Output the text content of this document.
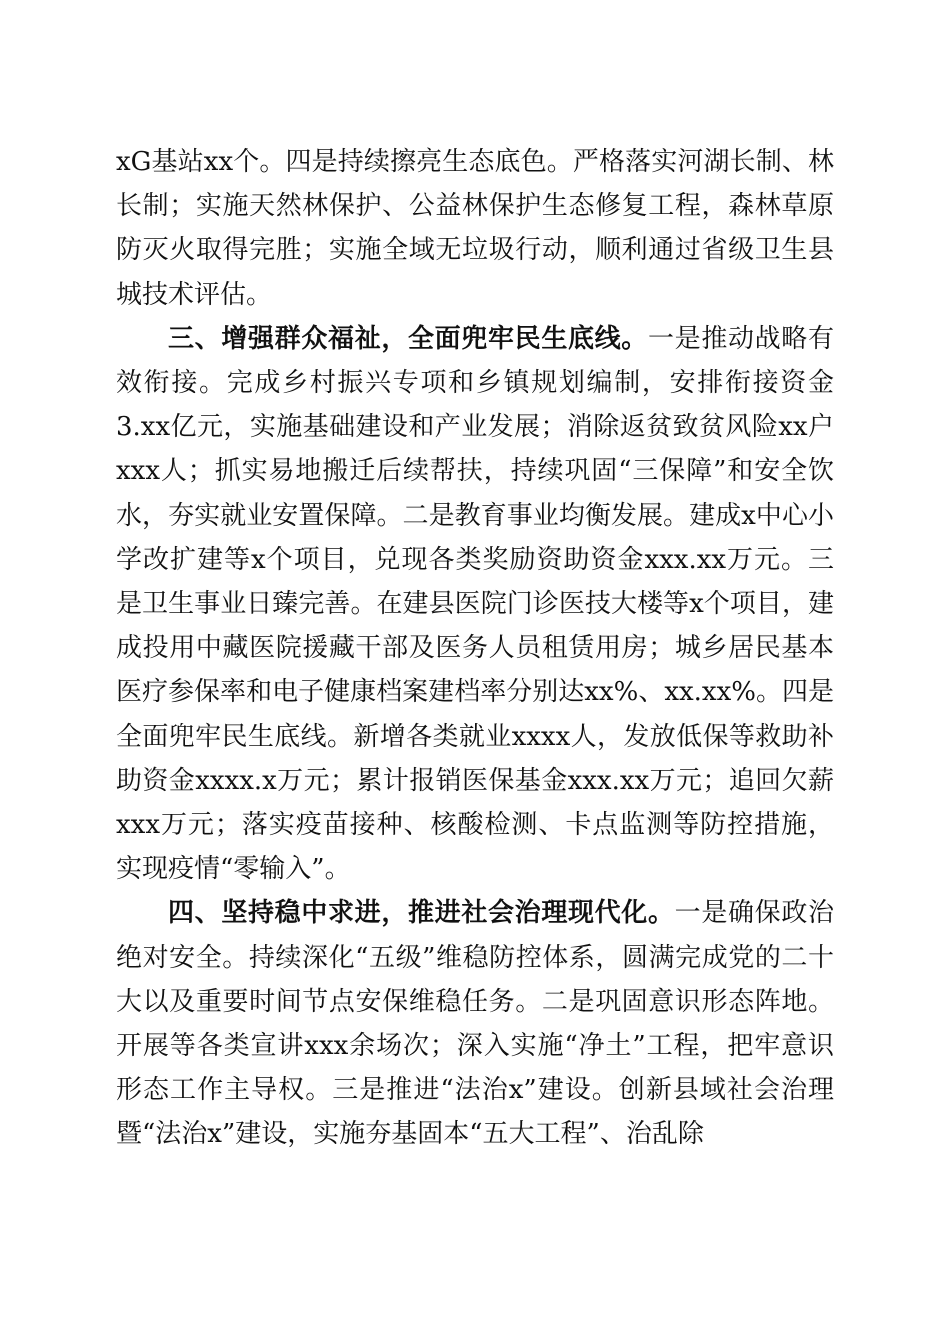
xG基站xx个。四是持续擦亮生态底色。严格落实河湖长制、林长制；实施天然林保护、公益林保护生态修复工程，森林草原防灭火取得完胜；实施全域无垃圾行动，顺利通过省级卫生县城技术评估。

三、增强群众福祉，全面兜牢民生底线。一是推动战略有效衔接。完成乡村振兴专项和乡镇规划编制，安排衔接资金3.xx亿元，实施基础建设和产业发展；消除返贫致贫风险xx户xxx人；抓实易地搬迁后续帮扶，持续巩固“三保障”和安全饮水，夯实就业安置保障。二是教育事业均衡发展。建成x中心小学改扩建等x个项目，兑现各类奖励资助资金xxx.xx万元。三是卫生事业日臻完善。在建县医院门诊医技大楼等x个项目，建成投用中藏医院援藏干部及医务人员租赁用房；城乡居民基本医疗参保率和电子健康档案建档率分别达xx%、xx.xx%。四是全面兜牢民生底线。新增各类就业xxxx人，发放低保等救助补助资金xxxx.x万元；累计报销医保基金xxx.xx万元；追回欠薪xxx万元；落实疫苗接种、核酸检测、卡点监测等防控措施，实现疫情“零输入”。

四、坚持稳中求进，推进社会治理现代化。一是确保政治绝对安全。持续深化“五级”维稳防控体系，圆满完成党的二十大以及重要时间节点安保维稳任务。二是巩固意识形态阵地。开展等各类宣讲xxx余场次；深入实施“净土”工程，把牢意识形态工作主导权。三是推进“法治x”建设。创新县域社会治理暨“法治x”建设，实施夯基固本“五大工程”、治乱除
